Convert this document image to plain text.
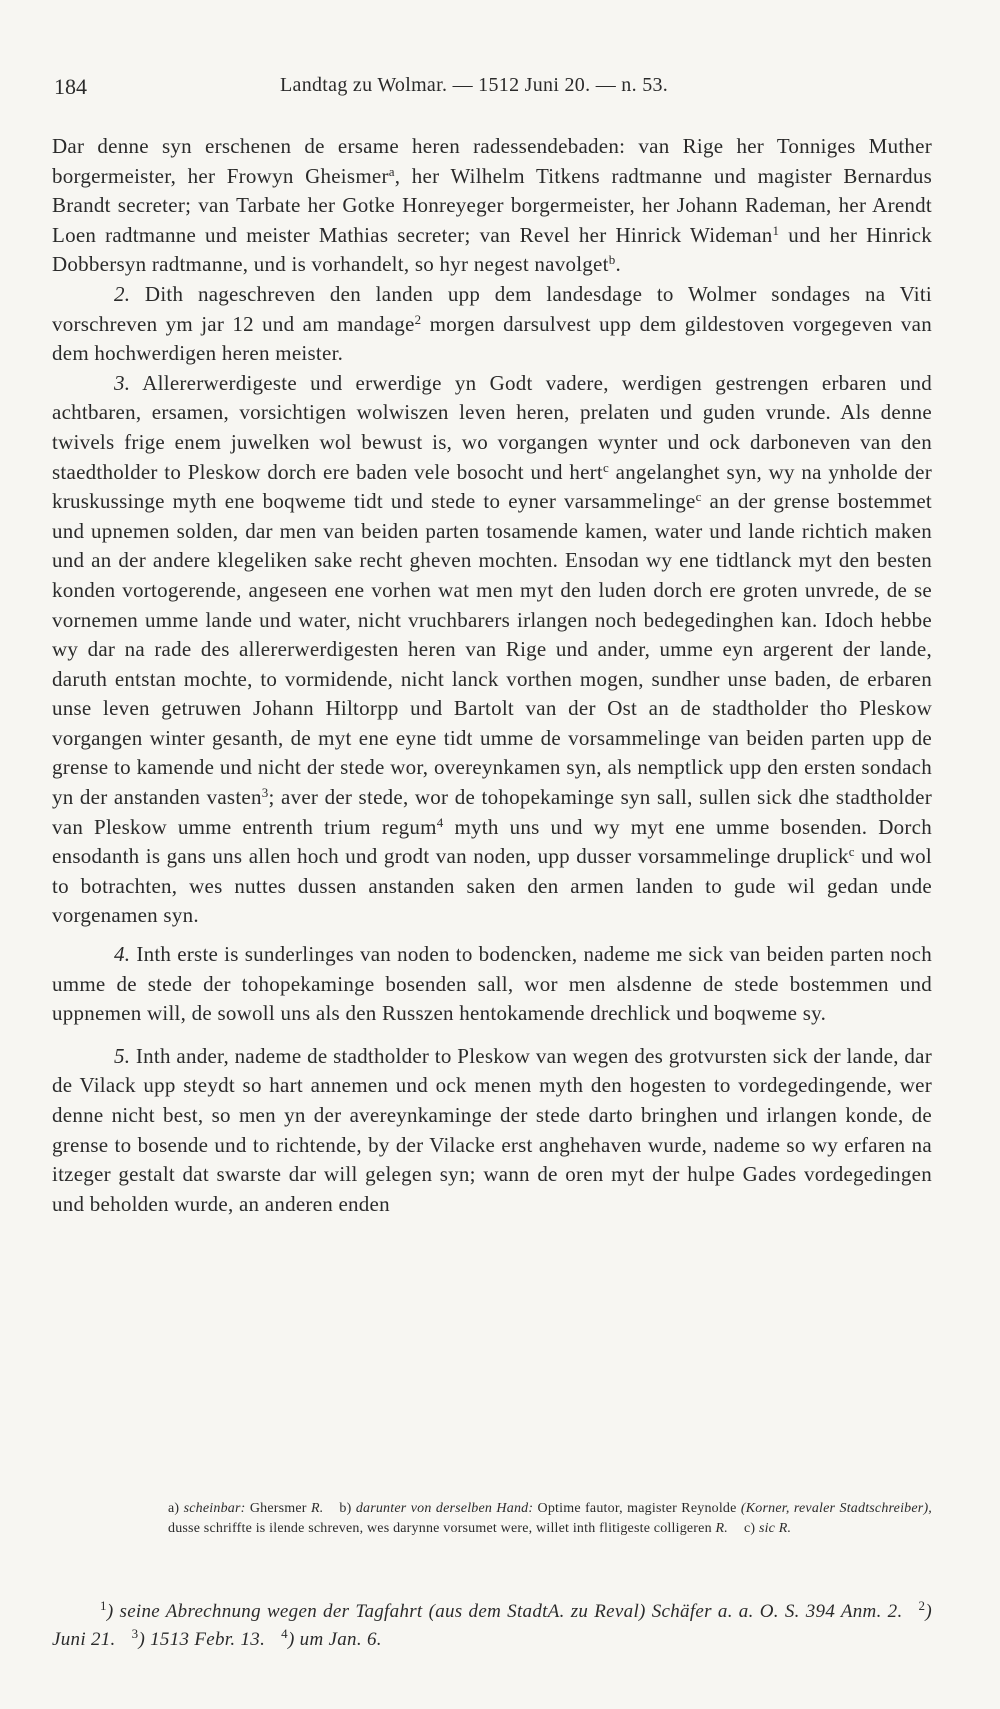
184	Landtag zu Wolmar. — 1512 Juni 20. — n. 53.

Dar denne syn erschenen de ersame heren radessendebaden: van Rige her Tonniges Muther borgermeister, her Frowyn Gheismer$^a$, her Wilhelm Titkens radtmanne und magister Bernardus Brandt secreter; van Tarbate her Gotke Honreyeger borgermeister, her Johann Rademan, her Arendt Loen radtmanne und meister Mathias secreter; van Revel her Hinrick Wideman$^1$ und her Hinrick Dobbersyn radtmanne, und is vorhandelt, so hyr negest navolget$^b$.

2. Dith nageschreven den landen upp dem landesdage to Wolmer sondages na Viti vorschreven ym jar 12 und am mandage$^2$ morgen darsulvest upp dem gildestoven vorgegeven van dem hochwerdigen heren meister.

3. Allererwerdigeste und erwerdige yn Godt vadere, werdigen gestrengen erbaren und achtbaren, ersamen, vorsichtigen wolwiszen leven heren, prelaten und guden vrunde. Als denne twivels frige enem juwelken wol bewust is, wo vorgangen wynter und ock darboneven van den staedtholder to Pleskow dorch ere baden vele bosocht und hert$^c$ angelanghet syn, wy na ynholde der kruskussinge myth ene boqweme tidt und stede to eyner varsammelinge$^c$ an der grense bostemmet und upnemen solden, dar men van beiden parten tosamende kamen, water und lande richtich maken und an der andere klegeliken sake recht gheven mochten. Ensodan wy ene tidtlanck myt den besten konden vortogerende, angeseen ene vorhen wat men myt den luden dorch ere groten unvrede, de se vornemen umme lande und water, nicht vruchbarers irlangen noch bedegedinghen kan. Idoch hebbe wy dar na rade des allererwerdigesten heren van Rige und ander, umme eyn argerent der lande, daruth entstan mochte, to vormidende, nicht lanck vorthen mogen, sundher unse baden, de erbaren unse leven getruwen Johann Hiltorpp und Bartolt van der Ost an de stadtholder tho Pleskow vorgangen winter gesanth, de myt ene eyne tidt umme de vorsammelinge van beiden parten upp de grense to kamende und nicht der stede wor, overeynkamen syn, als nemptlick upp den ersten sondach yn der anstanden vasten$^3$; aver der stede, wor de tohopekaminge syn sall, sullen sick dhe stadtholder van Pleskow umme entrenth trium regum$^4$ myth uns und wy myt ene umme bosenden. Dorch ensodanth is gans uns allen hoch und grodt van noden, upp dusser vorsammelinge druplick$^c$ und wol to botrachten, wes nuttes dussen anstanden saken den armen landen to gude wil gedan unde vorgenamen syn.

4. Inth erste is sunderlinges van noden to bodencken, nademe me sick van beiden parten noch umme de stede der tohopekaminge bosenden sall, wor men alsdenne de stede bostemmen und uppnemen will, de sowoll uns als den Russzen hentokamende drechlick und boqweme sy.

5. Inth ander, nademe de stadtholder to Pleskow van wegen des grotvursten sick der lande, dar de Vilack upp steydt so hart annemen und ock menen myth den hogesten to vordegedingende, wer denne nicht best, so men yn der avereynkaminge der stede darto bringhen und irlangen konde, de grense to bosende und to richtende, by der Vilacke erst anghehaven wurde, nademe so wy erfaren na itzeger gestalt dat swarste dar will gelegen syn; wann de oren myt der hulpe Gades vordegedingen und beholden wurde, an anderen enden

a) scheinbar: Ghersmer R. b) darunter von derselben Hand: Optime fautor, magister Reynolde (Korner, revaler Stadtschreiber), dusse schriffte is ilende schreven, wes darynne vorsumet were, willet inth flitigeste colligeren R. c) sic R.

$^1$) seine Abrechnung wegen der Tagfahrt (aus dem StadtA. zu Reval) Schäfer a. a. O. S. 394 Anm. 2. $^2$) Juni 21. $^3$) 1513 Febr. 13. $^4$) um Jan. 6.
